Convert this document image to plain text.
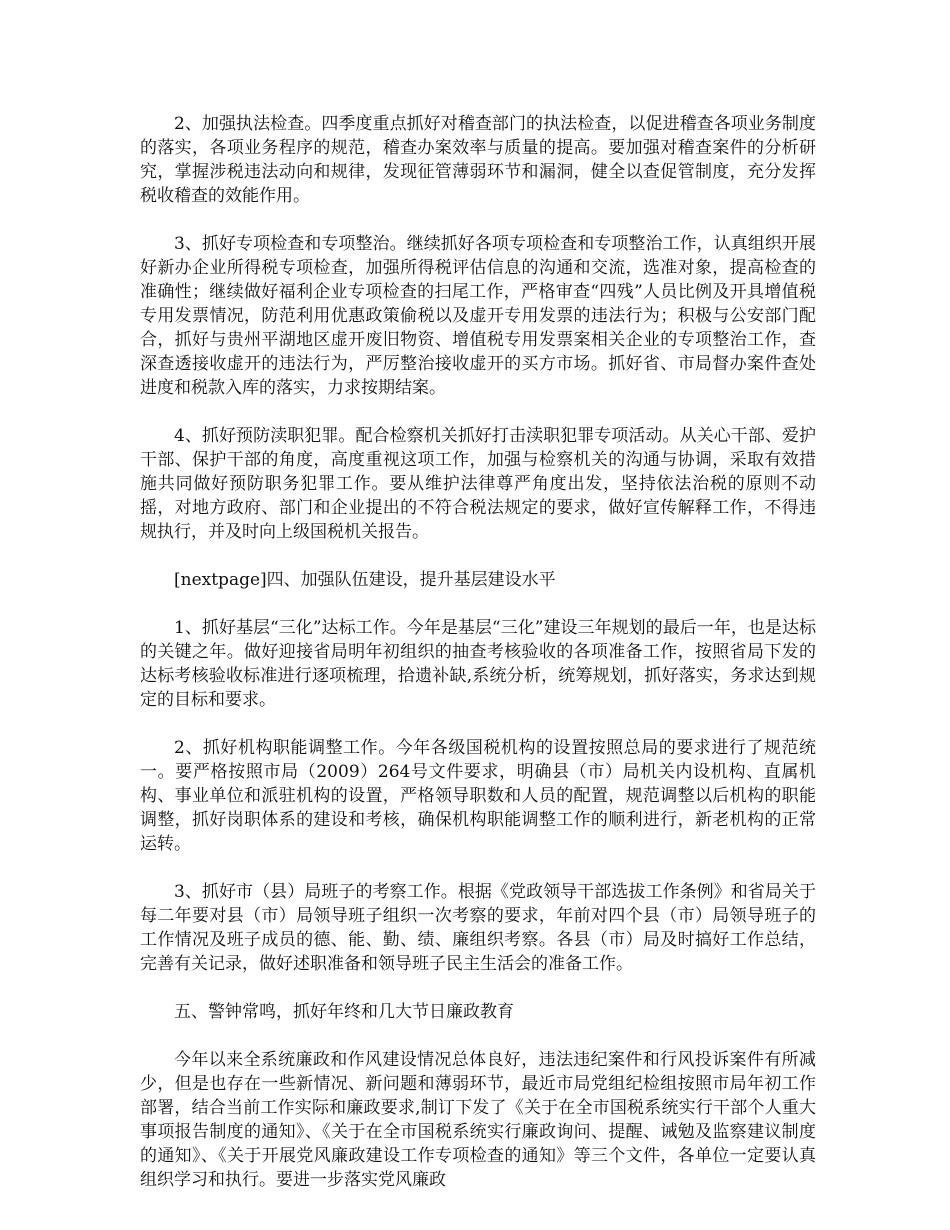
2、加强执法检查。四季度重点抓好对稽查部门的执法检查，以促进稽查各项业务制度的落实，各项业务程序的规范，稽查办案效率与质量的提高。要加强对稽查案件的分析研究，掌握涉税违法动向和规律，发现征管薄弱环节和漏洞，健全以查促管制度，充分发挥税收稽查的效能作用。

3、抓好专项检查和专项整治。继续抓好各项专项检查和专项整治工作，认真组织开展好新办企业所得税专项检查，加强所得税评估信息的沟通和交流，选准对象，提高检查的准确性；继续做好福利企业专项检查的扫尾工作，严格审查“四残”人员比例及开具增值税专用发票情况，防范利用优惠政策偷税以及虚开专用发票的违法行为；积极与公安部门配合，抓好与贵州平湖地区虚开废旧物资、增值税专用发票案相关企业的专项整治工作，查深查透接收虚开的违法行为，严厉整治接收虚开的买方市场。抓好省、市局督办案件查处进度和税款入库的落实，力求按期结案。

4、抓好预防渎职犯罪。配合检察机关抓好打击渎职犯罪专项活动。从关心干部、爱护干部、保护干部的角度，高度重视这项工作，加强与检察机关的沟通与协调，采取有效措施共同做好预防职务犯罪工作。要从维护法律尊严角度出发，坚持依法治税的原则不动摇，对地方政府、部门和企业提出的不符合税法规定的要求，做好宣传解释工作，不得违规执行，并及时向上级国税机关报告。

[nextpage]四、加强队伍建设，提升基层建设水平

1、抓好基层“三化”达标工作。今年是基层“三化”建设三年规划的最后一年，也是达标的关键之年。做好迎接省局明年初组织的抽查考核验收的各项准备工作，按照省局下发的达标考核验收标准进行逐项梳理，拾遗补缺,系统分析，统筹规划，抓好落实，务求达到规定的目标和要求。

2、抓好机构职能调整工作。今年各级国税机构的设置按照总局的要求进行了规范统一。要严格按照市局（2009）264号文件要求，明确县（市）局机关内设机构、直属机构、事业单位和派驻机构的设置，严格领导职数和人员的配置，规范调整以后机构的职能调整，抓好岗职体系的建设和考核，确保机构职能调整工作的顺利进行，新老机构的正常运转。

3、抓好市（县）局班子的考察工作。根据《党政领导干部选拔工作条例》和省局关于每二年要对县（市）局领导班子组织一次考察的要求，年前对四个县（市）局领导班子的工作情况及班子成员的德、能、勤、绩、廉组织考察。各县（市）局及时搞好工作总结，完善有关记录，做好述职准备和领导班子民主生活会的准备工作。

五、警钟常鸣，抓好年终和几大节日廉政教育

今年以来全系统廉政和作风建设情况总体良好，违法违纪案件和行风投诉案件有所减少，但是也存在一些新情况、新问题和薄弱环节，最近市局党组纪检组按照市局年初工作部署，结合当前工作实际和廉政要求,制订下发了《关于在全市国税系统实行干部个人重大事项报告制度的通知》、《关于在全市国税系统实行廉政询问、提醒、诫勉及监察建议制度的通知》、《关于开展党风廉政建设工作专项检查的通知》等三个文件，各单位一定要认真组织学习和执行。要进一步落实党风廉政
